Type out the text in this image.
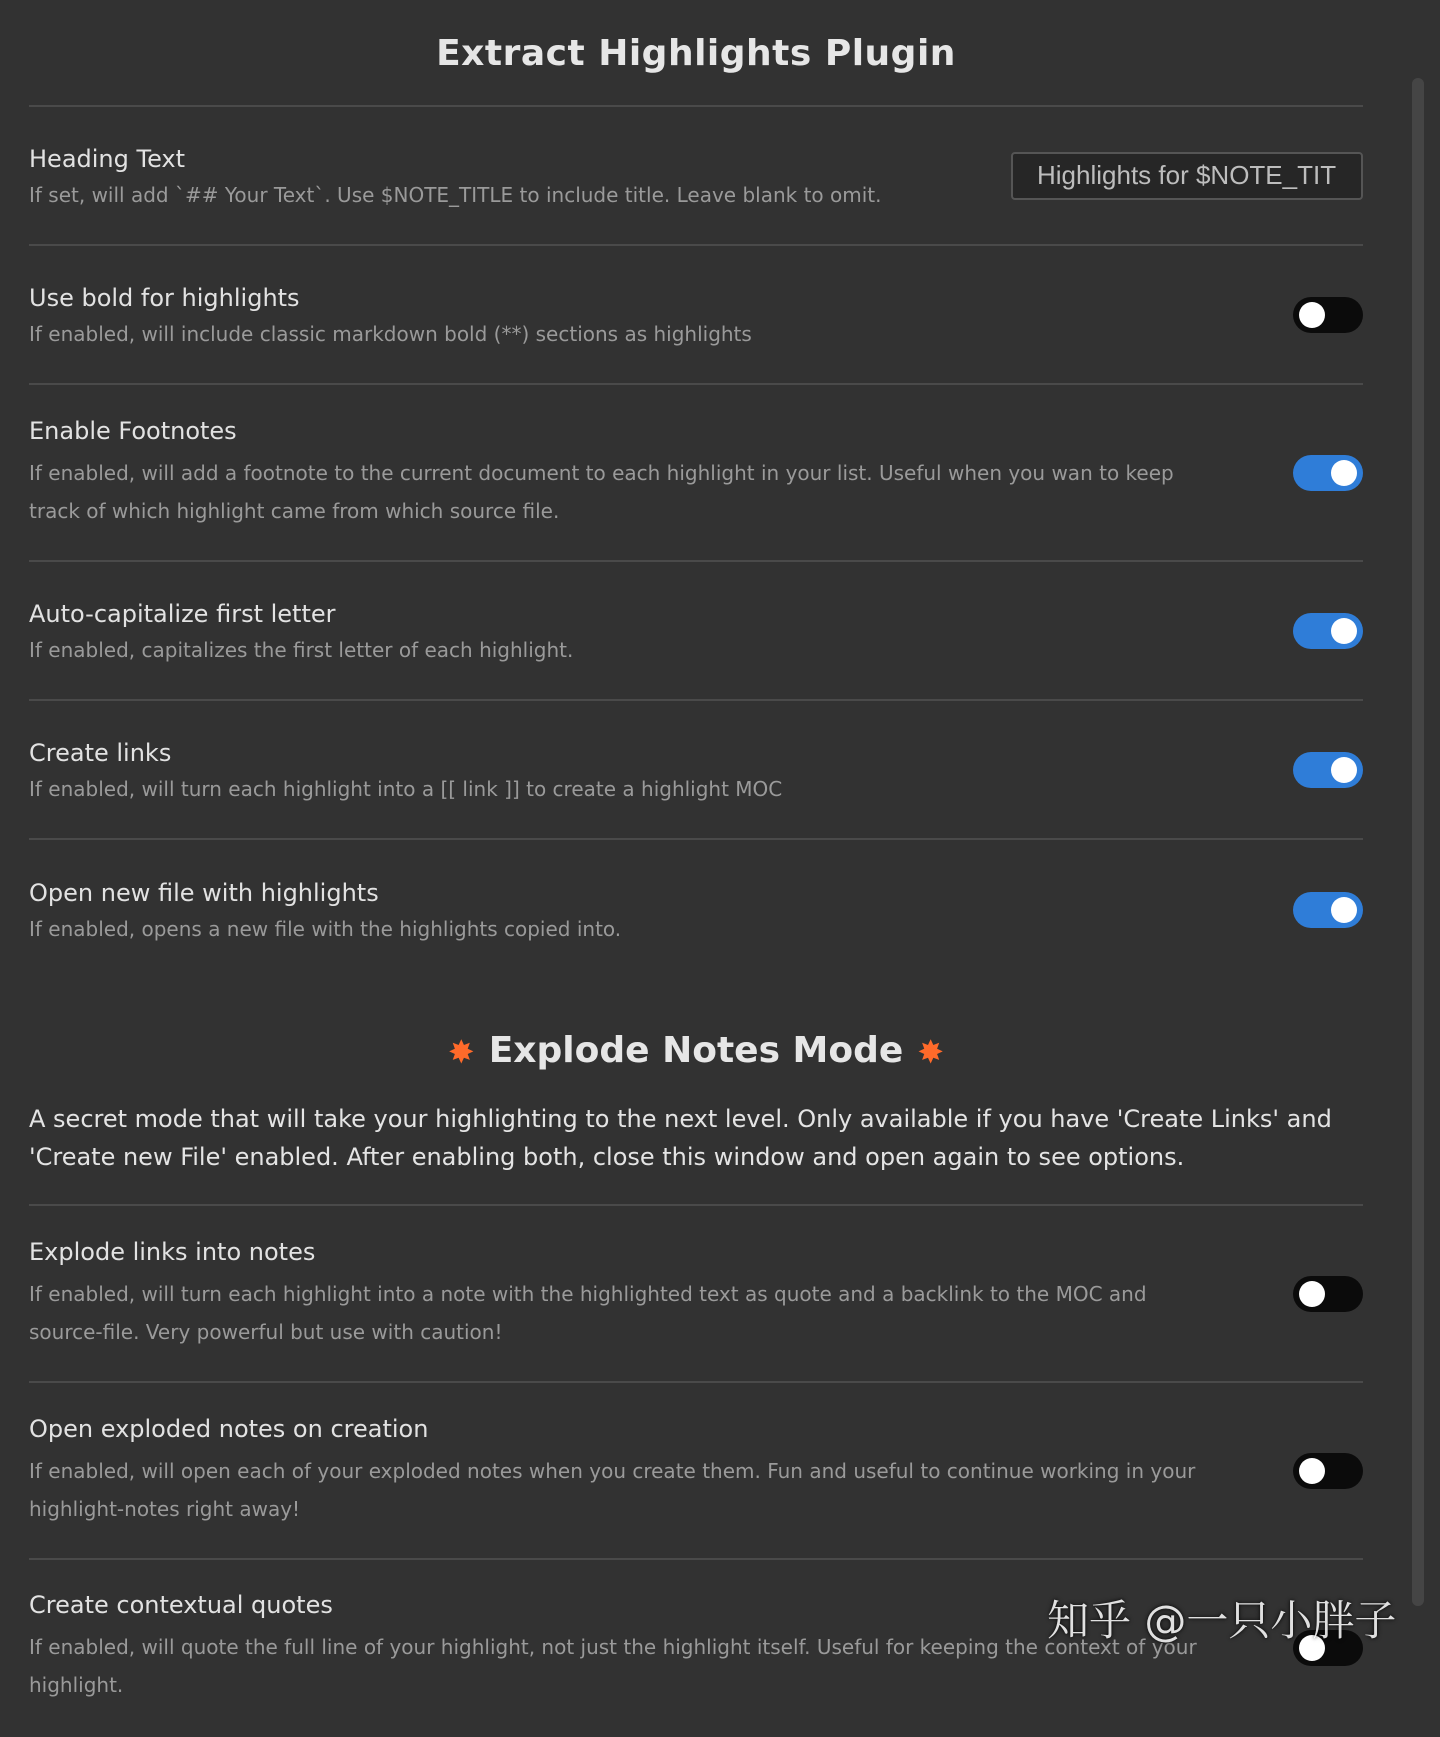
Extract Highlights Plugin
Heading Text
If set, will add `## Your Text`. Use $NOTE_TITLE to include title. Leave blank to omit.
Highlights for $NOTE_TITLE
Use bold for highlights
If enabled, will include classic markdown bold (**) sections as highlights
Enable Footnotes
If enabled, will add a footnote to the current document to each highlight in your list. Useful when you wan to keep track of which highlight came from which source file.
Auto-capitalize first letter
If enabled, capitalizes the first letter of each highlight.
Create links
If enabled, will turn each highlight into a [[ link ]] to create a highlight MOC
Open new file with highlights
If enabled, opens a new file with the highlights copied into.
✸ Explode Notes Mode ✸

A secret mode that will take your highlighting to the next level. Only available if you have 'Create Links' and 'Create new File' enabled. After enabling both, close this window and open again to see options.

Explode links into notes
If enabled, will turn each highlight into a note with the highlighted text as quote and a backlink to the MOC and source-file. Very powerful but use with caution!
Open exploded notes on creation
If enabled, will open each of your exploded notes when you create them. Fun and useful to continue working in your highlight-notes right away!
Create contextual quotes
If enabled, will quote the full line of your highlight, not just the highlight itself. Useful for keeping the context of your highlight.
知乎 @一只小胖子
